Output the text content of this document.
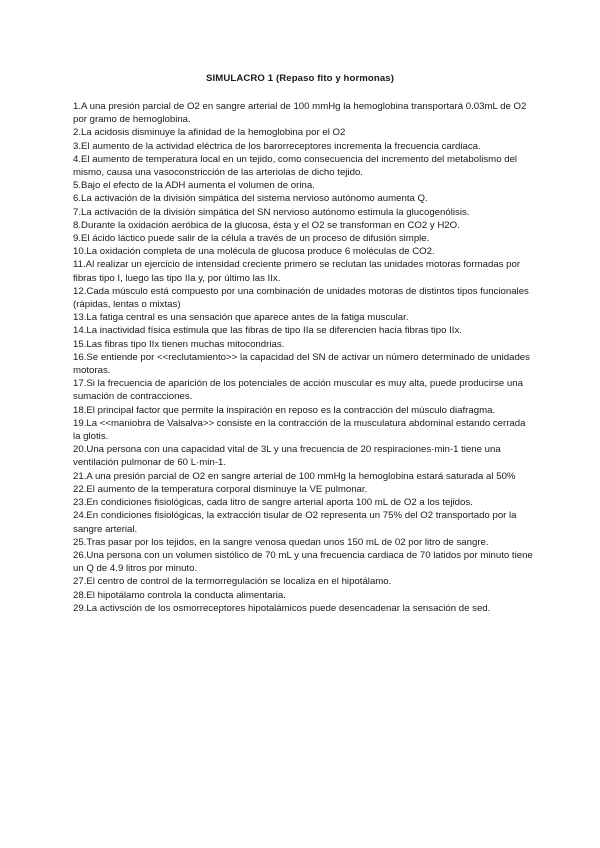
SIMULACRO 1 (Repaso fito y hormonas)
1.A una presión parcial de O2 en sangre arterial de 100 mmHg la hemoglobina transportará 0.03mL de O2 por gramo de hemoglobina.
2.La acidosis disminuye la afinidad de la hemoglobina por el O2
3.El aumento de la actividad eléctrica de los barorreceptores incrementa la frecuencia cardiaca.
4.El aumento de temperatura local en un tejido, como consecuencia del incremento del metabolismo del mismo, causa una vasoconstricción de las arteriolas de dicho tejido.
5.Bajo el efecto de la ADH aumenta el volumen de orina.
6.La activación de la división simpática del sistema nervioso autónomo aumenta Q.
7.La activación de la división simpática del SN nervioso autónomo estimula la glucogenólisis.
8.Durante la oxidación aeróbica de la glucosa, ésta y el O2 se transforman en CO2 y H2O.
9.El ácido láctico puede salir de la célula a través de un proceso de difusión simple.
10.La oxidación completa de una molécula de glucosa produce 6 moléculas de CO2.
11.Al realizar un ejercicio de intensidad creciente primero se reclutan las unidades motoras formadas por fibras tipo I, luego las tipo IIa y, por último las IIx.
12.Cada músculo está compuesto por una combinación de unidades motoras de distintos tipos funcionales (rápidas, lentas o mixtas)
13.La fatiga central es una sensación que aparece antes de la fatiga muscular.
14.La inactividad física estimula que las fibras de tipo IIa se diferencien hacia fibras tipo IIx.
15.Las fibras tipo IIx tienen muchas mitocondrias.
16.Se entiende por <<reclutamiento>> la capacidad del SN de activar un número determinado de unidades motoras.
17.Si la frecuencia de aparición de los potenciales de acción muscular es muy alta, puede producirse una sumación de contracciones.
18.El principal factor que permite la inspiración en reposo es la contracción del músculo diafragma.
19.La <<maniobra de Valsalva>> consiste en la contracción de la musculatura abdominal estando cerrada la glotis.
20.Una persona con una capacidad vital de 3L y una frecuencia de 20 respiraciones·min-1 tiene una ventilación pulmonar de 60 L·min-1.
21.A una presión parcial de O2 en sangre arterial de 100 mmHg la hemoglobina estará saturada al 50%
22.El aumento de la temperatura corporal disminuye la VE pulmonar.
23.En condiciones fisiológicas, cada litro de sangre arterial aporta 100 mL de O2 a los tejidos.
24.En condiciones fisiológicas, la extracción tisular de O2 representa un 75% del O2 transportado por la sangre arterial.
25.Tras pasar por los tejidos, en la sangre venosa quedan unos 150 mL de 02 por litro de sangre.
26.Una persona con un volumen sistólico de 70 mL y una frecuencia cardiaca de 70 latidos por minuto tiene un Q de 4.9 litros por minuto.
27.El centro de control de la termorregulación se localiza en el hipotálamo.
28.El hipotálamo controla la conducta alimentaria.
29.La activsción de los osmorreceptores hipotalámicos puede desencadenar la sensación de sed.
